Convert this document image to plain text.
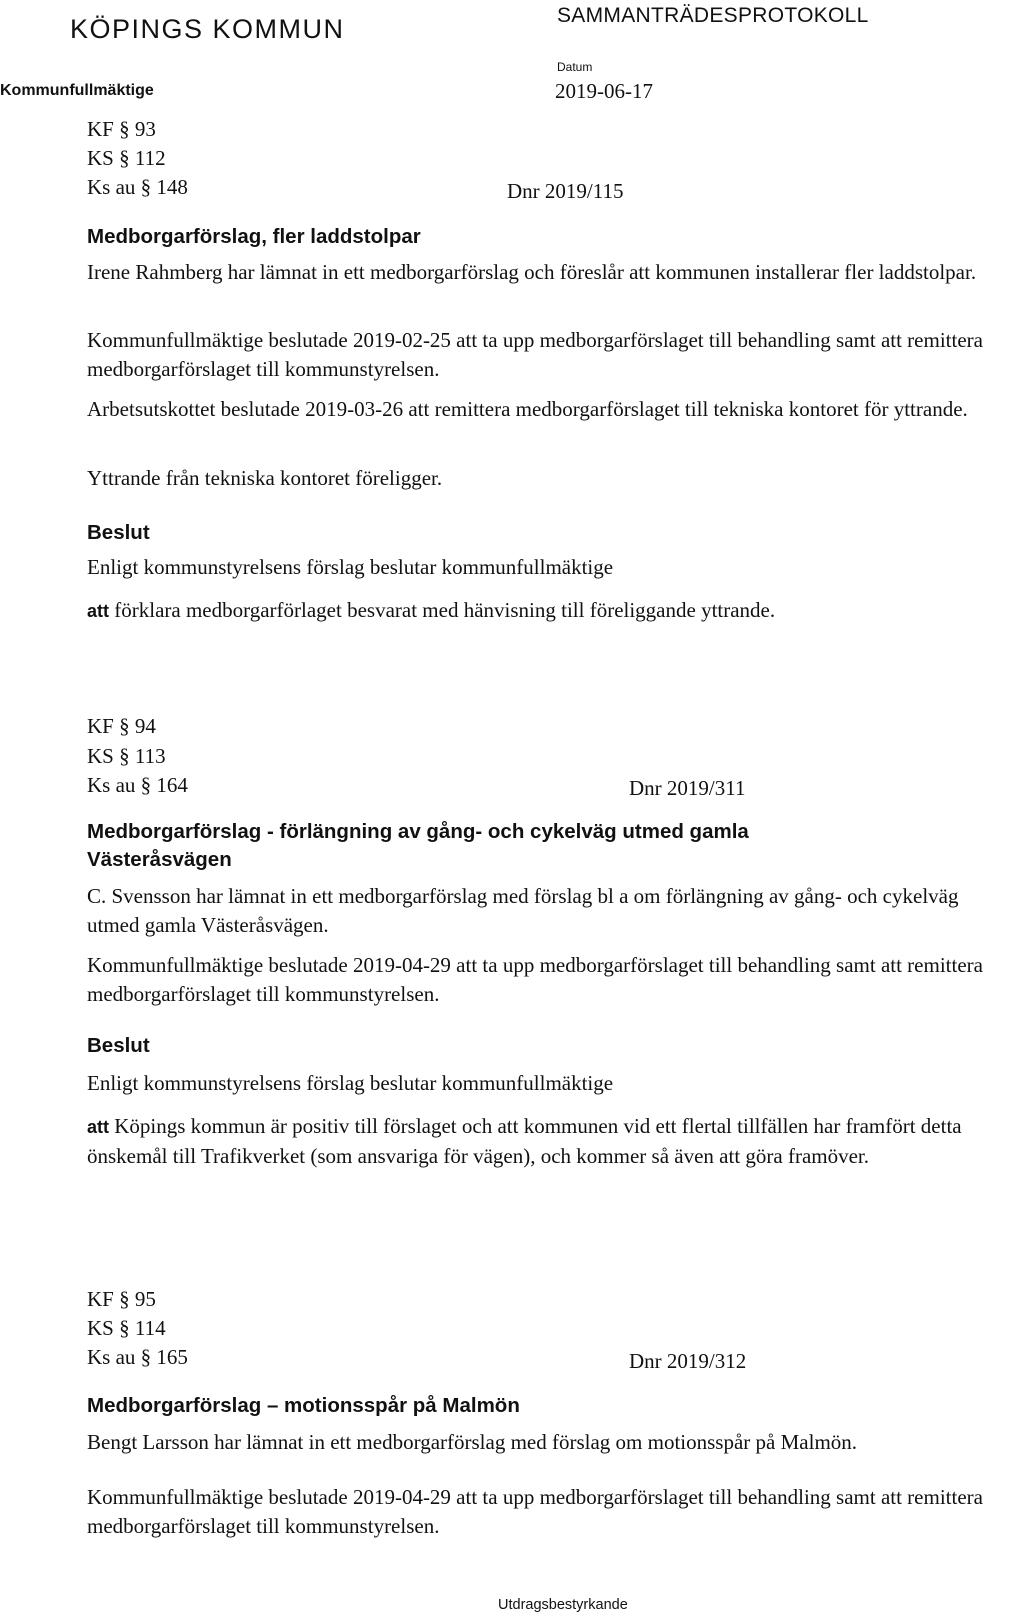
KÖPINGS KOMMUN	SAMMANTRÄDESPROTOKOLL
Datum
Kommunfullmäktige	2019-06-17
KF § 93
KS § 112
Ks au § 148	Dnr 2019/115
Medborgarförslag, fler laddstolpar
Irene Rahmberg har lämnat in ett medborgarförslag och föreslår att kommunen installerar fler laddstolpar.
Kommunfullmäktige beslutade 2019-02-25 att ta upp medborgarförslaget till behandling samt att remittera medborgarförslaget till kommunstyrelsen.
Arbetsutskottet beslutade 2019-03-26 att remittera medborgarförslaget till tekniska kontoret för yttrande.
Yttrande från tekniska kontoret föreligger.
Beslut
Enligt kommunstyrelsens förslag beslutar kommunfullmäktige
att förklara medborgarförlaget besvarat med hänvisning till föreliggande yttrande.
KF § 94
KS § 113
Ks au § 164	Dnr 2019/311
Medborgarförslag - förlängning av gång- och cykelväg utmed gamla
Västeråsvägen
C. Svensson har lämnat in ett medborgarförslag med förslag bl a om förlängning av gång- och cykelväg utmed gamla Västeråsvägen.
Kommunfullmäktige beslutade 2019-04-29 att ta upp medborgarförslaget till behandling samt att remittera medborgarförslaget till kommunstyrelsen.
Beslut
Enligt kommunstyrelsens förslag beslutar kommunfullmäktige
att Köpings kommun är positiv till förslaget och att kommunen vid ett flertal tillfällen har framfört detta önskemål till Trafikverket (som ansvariga för vägen), och kommer så även att göra framöver.
KF § 95
KS § 114
Ks au § 165	Dnr 2019/312
Medborgarförslag – motionsspår på Malmön
Bengt Larsson har lämnat in ett medborgarförslag med förslag om motionsspår på Malmön.
Kommunfullmäktige beslutade 2019-04-29 att ta upp medborgarförslaget till behandling samt att remittera medborgarförslaget till kommunstyrelsen.
Utdragsbestyrkande
